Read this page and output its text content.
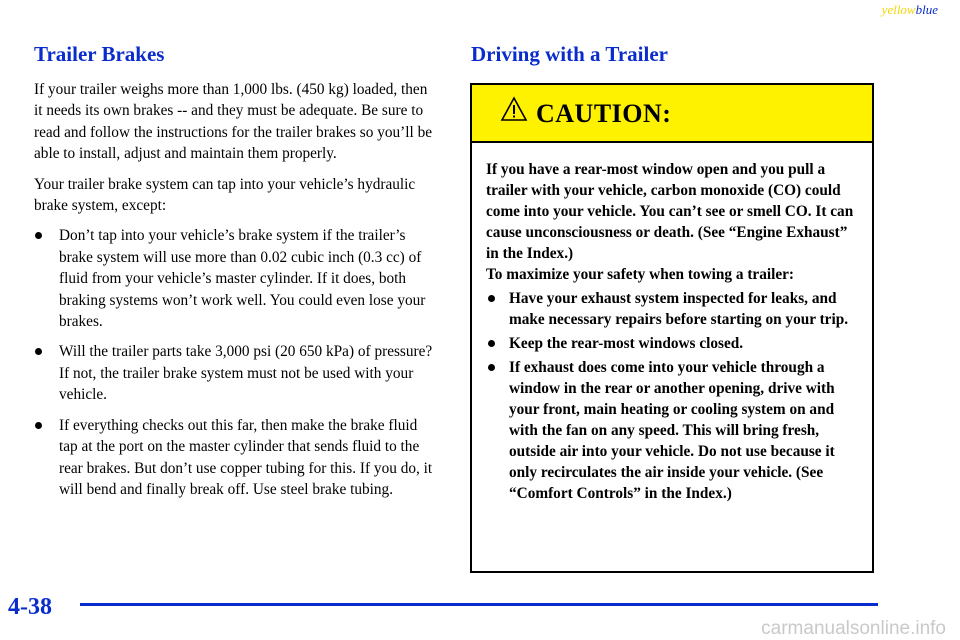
yellowblue
Trailer Brakes

If your trailer weighs more than 1,000 lbs. (450 kg) loaded, then it needs its own brakes -- and they must be adequate. Be sure to read and follow the instructions for the trailer brakes so you’ll be able to install, adjust and maintain them properly.

Your trailer brake system can tap into your vehicle’s hydraulic brake system, except:

Don’t tap into your vehicle’s brake system if the trailer’s brake system will use more than 0.02 cubic inch (0.3 cc) of fluid from your vehicle’s master cylinder. If it does, both braking systems won’t work well. You could even lose your brakes.
Will the trailer parts take 3,000 psi (20 650 kPa) of pressure? If not, the trailer brake system must not be used with your vehicle.
If everything checks out this far, then make the brake fluid tap at the port on the master cylinder that sends fluid to the rear brakes. But don’t use copper tubing for this. If you do, it will bend and finally break off. Use steel brake tubing.
Driving with a Trailer
CAUTION:

If you have a rear-most window open and you pull a trailer with your vehicle, carbon monoxide (CO) could come into your vehicle. You can’t see or smell CO. It can cause unconsciousness or death. (See “Engine Exhaust” in the Index.)

To maximize your safety when towing a trailer:

Have your exhaust system inspected for leaks, and make necessary repairs before starting on your trip.
Keep the rear-most windows closed.
If exhaust does come into your vehicle through a window in the rear or another opening, drive with your front, main heating or cooling system on and with the fan on any speed. This will bring fresh, outside air into your vehicle. Do not use because it only recirculates the air inside your vehicle. (See “Comfort Controls” in the Index.)
4-38
carmanualsonline.info
